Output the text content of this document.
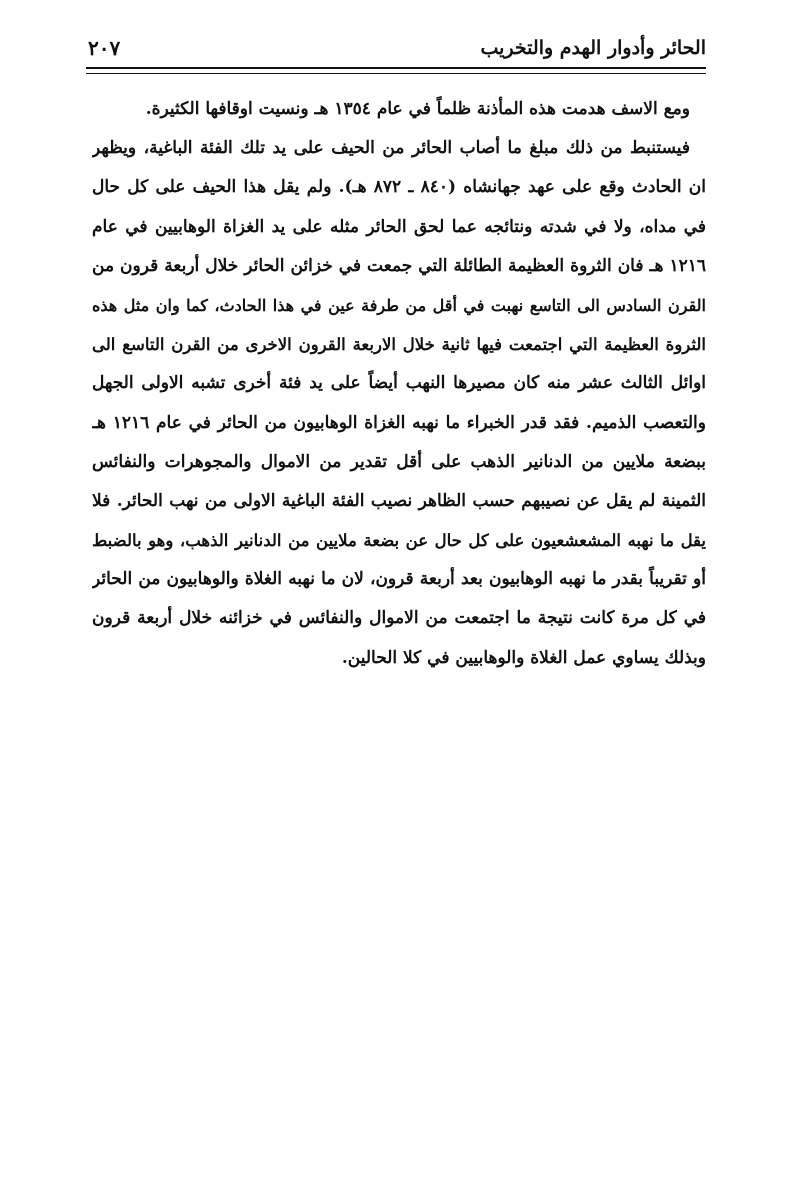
الحائر وأدوار الهدم والتخريب
٢٠٧
ومع الاسف هدمت هذه المأذنة ظلماً في عام ١٣٥٤ هـ ونسيت اوقافها الكثيرة.
فيستنبط من ذلك مبلغ ما أصاب الحائر من الحيف على يد تلك الفئة الباغية، ويظهر
ان الحادث وقع على عهد جهانشاه (٨٤٠ ـ ٨٧٢ هـ). ولم يقل هذا الحيف على كل حال
في مداه، ولا في شدته ونتائجه عما لحق الحائر مثله على يد الغزاة الوهابيين في عام
١٢١٦ هـ فان الثروة العظيمة الطائلة التي جمعت في خزائن الحائر خلال أربعة قرون من
القرن السادس الى التاسع نهبت في أقل من طرفة عين في هذا الحادث، كما وان مثل هذه
الثروة العظيمة التي اجتمعت فيها ثانية خلال الاربعة القرون الاخرى من القرن التاسع الى
اوائل الثالث عشر منه كان مصيرها النهب أيضاً على يد فئة أخرى تشبه الاولى الجهل
والتعصب الذميم. فقد قدر الخبراء ما نهبه الغزاة الوهابيون من الحائر في عام ١٢١٦ هـ
ببضعة ملايين من الدنانير الذهب على أقل تقدير من الاموال والمجوهرات والنفائس
الثمينة لم يقل عن نصيبهم حسب الظاهر نصيب الفئة الباغية الاولى من نهب الحائر. فلا
يقل ما نهبه المشعشعيون على كل حال عن بضعة ملايين من الدنانير الذهب، وهو بالضبط
أو تقريباً بقدر ما نهبه الوهابيون بعد أربعة قرون، لان ما نهبه الغلاة والوهابيون من الحائر
في كل مرة كانت نتيجة ما اجتمعت من الاموال والنفائس في خزائنه خلال أربعة قرون
وبذلك يساوي عمل الغلاة والوهابيين في كلا الحالين.
